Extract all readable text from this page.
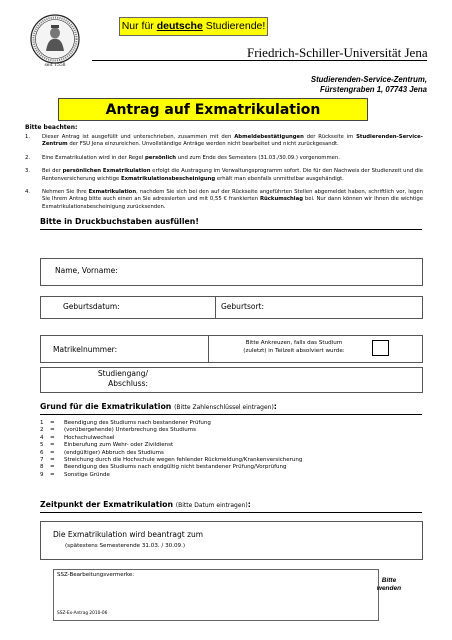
seit 1558
Nur für deutsche Studierende!
Friedrich-Schiller-Universität Jena
Studierenden-Service-Zentrum,
Fürstengraben 1, 07743 Jena
Antrag auf Exmatrikulation
Bitte beachten:
1.	Dieser Antrag ist ausgefüllt und unterschrieben, zusammen mit den Abmeldebestätigungen der Rückseite im Studierenden-Service-Zentrum der FSU Jena einzureichen. Unvollständige Anträge werden nicht bearbeitet und nicht zurückgesandt.
2.	Eine Exmatrikulation wird in der Regel persönlich und zum Ende des Semesters (31.03./30.09.) vorgenommen.
3.	Bei der persönlichen Exmatrikulation erfolgt die Austragung im Verwaltungsprogramm sofort. Die für den Nachweis der Studienzeit und die Rentenversicherung wichtige Exmatrikulationsbescheinigung erhält man ebenfalls unmittelbar ausgehändigt.
4.	Nehmen Sie Ihre Exmatrikulation, nachdem Sie sich bei den auf der Rückseite angeführten Stellen abgemeldet haben, schriftlich vor, legen Sie Ihrem Antrag bitte auch einen an Sie adressierten und mit 0,55 € frankierten Rückumschlag bei. Nur dann können wir Ihnen die wichtige Exmatrikulationsbescheinigung zurücksenden.
Bitte in Druckbuchstaben ausfüllen!
Name, Vorname:
Geburtsdatum:	Geburtsort:
Matrikelnummer:
Bitte Ankreuzen, falls das Studium
(zuletzt) in Teilzeit absolviert wurde:
Studiengang/
Abschluss:
Grund für die Exmatrikulation (Bitte Zahlenschlüssel eintragen):
1	=	Beendigung des Studiums nach bestandener Prüfung
2	=	(vorübergehende) Unterbrechung des Studiums
4	=	Hochschulwechsel
5	=	Einberufung zum Wehr- oder Zivildienst
6	=	(endgültiger) Abbruch des Studiums
7	=	Streichung durch die Hochschule wegen fehlender Rückmeldung/Krankenversicherung
8	=	Beendigung des Studiums nach endgültig nicht bestandener Prüfung/Vorprüfung
9	=	Sonstige Gründe
Zeitpunkt der Exmatrikulation (Bitte Datum eintragen):
Die Exmatrikulation wird beantragt zum
(spätestens Semesterende 31.03. / 30.09.)
SSZ-Bearbeitungsvermerke:
SSZ-Ex-Antrag 2010-06
Bitte
wenden
